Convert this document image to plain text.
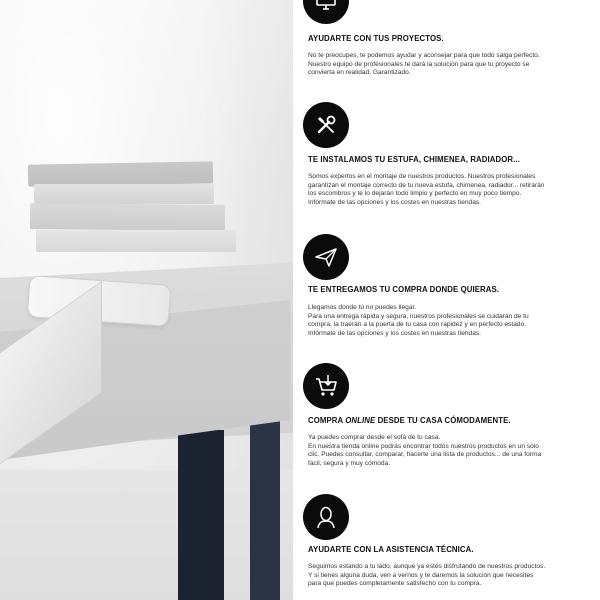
AYUDARTE CON TUS PROYECTOS.
No te preocupes, te podemos ayudar y aconsejar para que todo salga perfecto.
Nuestro equipo de profesionales te dará la solución para que tu proyecto se
convierta en realidad. Garantizado.
TE INSTALAMOS TU ESTUFA, CHIMENEA, RADIADOR...
Somos expertos en el montaje de nuestros productos. Nuestros profesionales
garantizan el montaje correcto de tu nueva estufa, chimenea, radiador... retirarán
los escombros y te lo dejarán todo limpio y perfecto en muy poco tiempo.
Infórmate de las opciones y los costes en nuestras tiendas.
TE ENTREGAMOS TU COMPRA DONDE QUIERAS.
Llegamos donde tú no puedes llegar.
Para una entrega rápida y segura, nuestros profesionales se cuidarán de tu
compra, la traerán a la puerta de tu casa con rapidez y en perfecto estado.
Infórmate de las opciones y los costes en nuestras tiendas.
COMPRA ONLINE DESDE TU CASA CÓMODAMENTE.
Ya puedes comprar desde el sofá de tu casa.
En nuestra tienda online podrás encontrar todos nuestros productos en un sólo
clic. Puedes consultar, comparar, hacerte una lista de productos... de una forma
fácil, segura y muy cómoda.
AYUDARTE CON LA ASISTENCIA TÉCNICA.
Seguimos estando a tu lado, aunque ya estés disfrutando de nuestros productos.
Y si tienes alguna duda, ven a vernos y te daremos la solución que necesites
para que puedes completamente satisfecho con tu compra.
